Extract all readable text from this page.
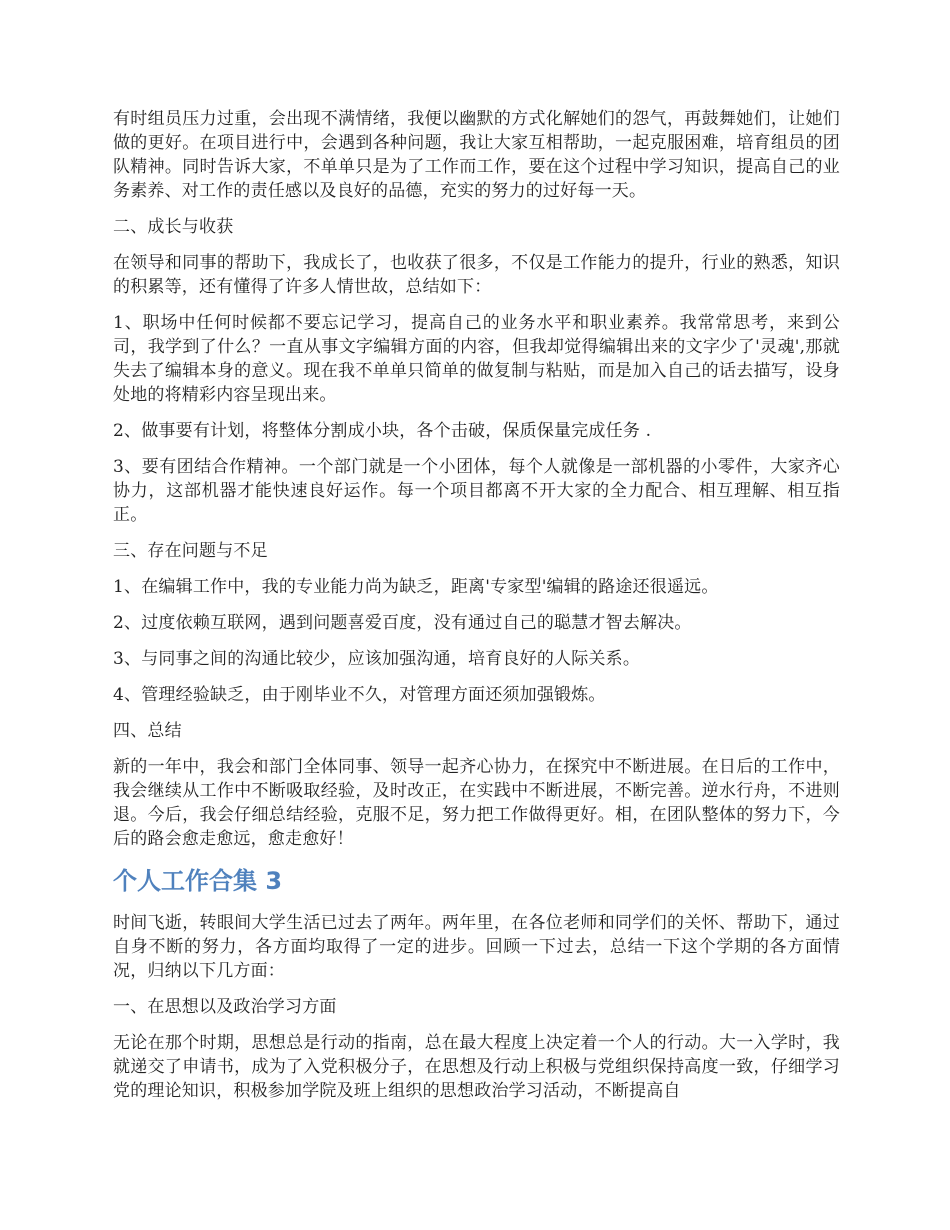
有时组员压力过重，会出现不满情绪，我便以幽默的方式化解她们的怨气，再鼓舞她们，让她们做的更好。在项目进行中，会遇到各种问题，我让大家互相帮助，一起克服困难，培育组员的团队精神。同时告诉大家，不单单只是为了工作而工作，要在这个过程中学习知识，提高自己的业务素养、对工作的责任感以及良好的品德，充实的努力的过好每一天。

二、成长与收获

在领导和同事的帮助下，我成长了，也收获了很多，不仅是工作能力的提升，行业的熟悉，知识的积累等，还有懂得了许多人情世故，总结如下：

1、职场中任何时候都不要忘记学习，提高自己的业务水平和职业素养。我常常思考，来到公司，我学到了什么？一直从事文字编辑方面的内容，但我却觉得编辑出来的文字少了'灵魂',那就失去了编辑本身的意义。现在我不单单只简单的做复制与粘贴，而是加入自己的话去描写，设身处地的将精彩内容呈现出来。

2、做事要有计划，将整体分割成小块，各个击破，保质保量完成任务 .

3、要有团结合作精神。一个部门就是一个小团体，每个人就像是一部机器的小零件，大家齐心协力，这部机器才能快速良好运作。每一个项目都离不开大家的全力配合、相互理解、相互指正。

三、存在问题与不足

1、在编辑工作中，我的专业能力尚为缺乏，距离'专家型'编辑的路途还很遥远。

2、过度依赖互联网，遇到问题喜爱百度，没有通过自己的聪慧才智去解决。

3、与同事之间的沟通比较少，应该加强沟通，培育良好的人际关系。

4、管理经验缺乏，由于刚毕业不久，对管理方面还须加强锻炼。

四、总结

新的一年中，我会和部门全体同事、领导一起齐心协力，在探究中不断进展。在日后的工作中，我会继续从工作中不断吸取经验，及时改正，在实践中不断进展，不断完善。逆水行舟，不进则退。今后，我会仔细总结经验，克服不足，努力把工作做得更好。相，在团队整体的努力下，今后的路会愈走愈远，愈走愈好！

个人工作合集 3

时间飞逝，转眼间大学生活已过去了两年。两年里，在各位老师和同学们的关怀、帮助下，通过自身不断的努力，各方面均取得了一定的进步。回顾一下过去，总结一下这个学期的各方面情况，归纳以下几方面：

一、在思想以及政治学习方面

无论在那个时期，思想总是行动的指南，总在最大程度上决定着一个人的行动。大一入学时，我就递交了申请书，成为了入党积极分子，在思想及行动上积极与党组织保持高度一致，仔细学习党的理论知识，积极参加学院及班上组织的思想政治学习活动，不断提高自
